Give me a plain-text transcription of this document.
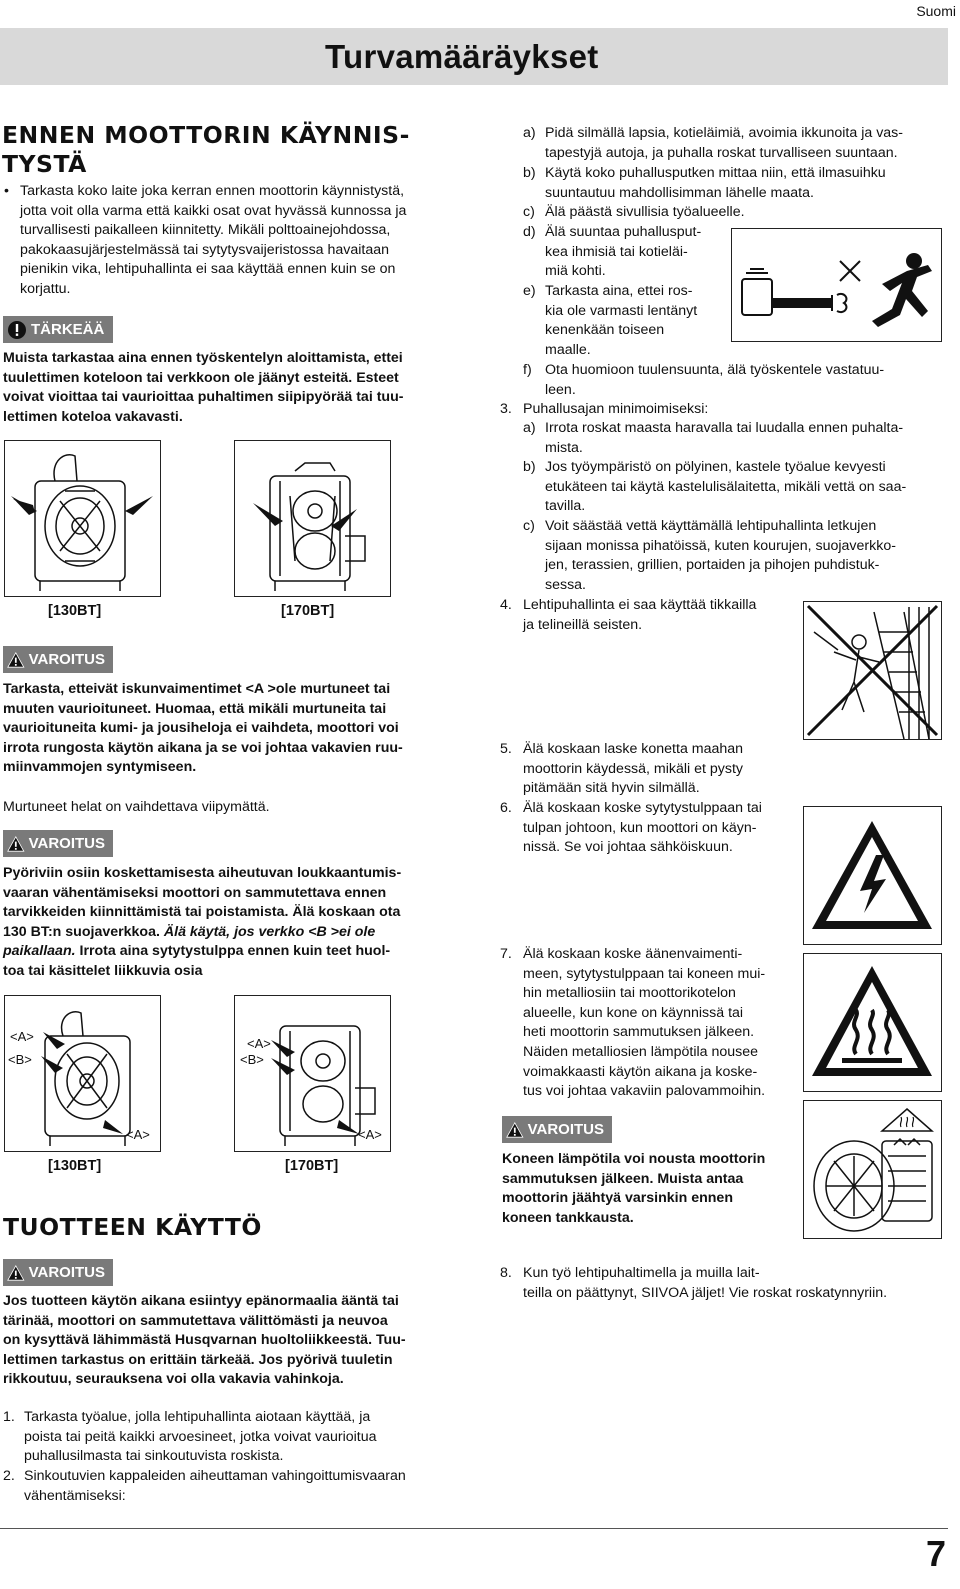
Suomi
Turvamääräykset
ENNEN MOOTTORIN KÄYNNIS-
TYSTÄ
• Tarkasta koko laite joka kerran ennen moottorin käynnistystä,
jotta voit olla varma että kaikki osat ovat hyvässä kunnossa ja
turvallisesti paikalleen kiinnitetty. Mikäli polttoainejohdossa,
pakokaasujärjestelmässä tai sytytysvaijeristossa havaitaan
pienikin vika, lehtipuhallinta ei saa käyttää ennen kuin se on
korjattu.
TÄRKEÄÄ
Muista tarkastaa aina ennen työskentelyn aloittamista, ettei
tuulettimen koteloon tai verkkoon ole jäänyt esteitä. Esteet
voivat vioittaa tai vaurioittaa puhaltimen siipipyörää tai tuu-
lettimen koteloa vakavasti.
[130BT]	[170BT]
VAROITUS
Tarkasta, etteivät iskunvaimentimet <A >ole murtuneet tai
muuten vaurioituneet. Huomaa, että mikäli murtuneita tai
vaurioituneita kumi- ja jousiheloja ei vaihdeta, moottori voi
irrota rungosta käytön aikana ja se voi johtaa vakavien ruu-
miinvammojen syntymiseen.
Murtuneet helat on vaihdettava viipymättä.
VAROITUS
Pyöriviin osiin koskettamisesta aiheutuvan loukkaantumis-
vaaran vähentämiseksi moottori on sammutettava ennen
tarvikkeiden kiinnittämistä tai poistamista. Älä koskaan ota
130 BT:n suojaverkkoa. Älä käytä, jos verkko <B >ei ole
paikallaan. Irrota aina sytytystulppa ennen kuin teet huol-
toa tai käsittelet liikkuvia osia
<A>
<B>
<A>
<A>
<B>
<A>
[130BT]	[170BT]
TUOTTEEN KÄYTTÖ
VAROITUS
Jos tuotteen käytön aikana esiintyy epänormaalia ääntä tai
tärinää, moottori on sammutettava välittömästi ja neuvoa
on kysyttävä lähimmästä Husqvarnan huoltoliikkeestä. Tuu-
lettimen tarkastus on erittäin tärkeää. Jos pyörivä tuuletin
rikkoutuu, seurauksena voi olla vakavia vahinkoja.
1. Tarkasta työalue, jolla lehtipuhallinta aiotaan käyttää, ja
poista tai peitä kaikki arvoesineet, jotka voivat vaurioitua
puhallusilmasta tai sinkoutuvista roskista.
2. Sinkoutuvien kappaleiden aiheuttaman vahingoittumisvaaran
vähentämiseksi:
a) Pidä silmällä lapsia, kotieläimiä, avoimia ikkunoita ja vas-
tapestyjä autoja, ja puhalla roskat turvalliseen suuntaan.
b) Käytä koko puhallusputken mittaa niin, että ilmasuihku
suuntautuu mahdollisimman lähelle maata.
c) Älä päästä sivullisia työalueelle.
d) Älä suuntaa puhallusput-
kea ihmisiä tai kotieläi-
miä kohti.
e) Tarkasta aina, ettei ros-
kia ole varmasti lentänyt
kenenkään toiseen
maalle.
f) Ota huomioon tuulensuunta, älä työskentele vastatuu-
leen.
3. Puhallusajan minimoimiseksi:
a) Irrota roskat maasta haravalla tai luudalla ennen puhalta-
mista.
b) Jos työympäristö on pölyinen, kastele työalue kevyesti
etukäteen tai käytä kastelulisälaitetta, mikäli vettä on saa-
tavilla.
c) Voit säästää vettä käyttämällä lehtipuhallinta letkujen
sijaan monissa pihatöissä, kuten kourujen, suojaverkko-
jen, terassien, grillien, portaiden ja pihojen puhdistuk-
sessa.
4. Lehtipuhallinta ei saa käyttää tikkailla
ja telineillä seisten.
5. Älä koskaan laske konetta maahan
moottorin käydessä, mikäli et pysty
pitämään sitä hyvin silmällä.
6. Älä koskaan koske sytytystulppaan tai
tulpan johtoon, kun moottori on käyn-
nissä. Se voi johtaa sähköiskuun.
7. Älä koskaan koske äänenvaimenti-
meen, sytytystulppaan tai koneen mui-
hin metalliosiin tai moottorikotelon
alueelle, kun kone on käynnissä tai
heti moottorin sammutuksen jälkeen.
Näiden metalliosien lämpötila nousee
voimakkaasti käytön aikana ja koske-
tus voi johtaa vakaviin palovammoihin.
VAROITUS
Koneen lämpötila voi nousta moottorin
sammutuksen jälkeen. Muista antaa
moottorin jäähtyä varsinkin ennen
koneen tankkausta.
8. Kun työ lehtipuhaltimella ja muilla lait-
teilla on päättynyt, SIIVOA jäljet! Vie roskat roskatynnyriin.
7
